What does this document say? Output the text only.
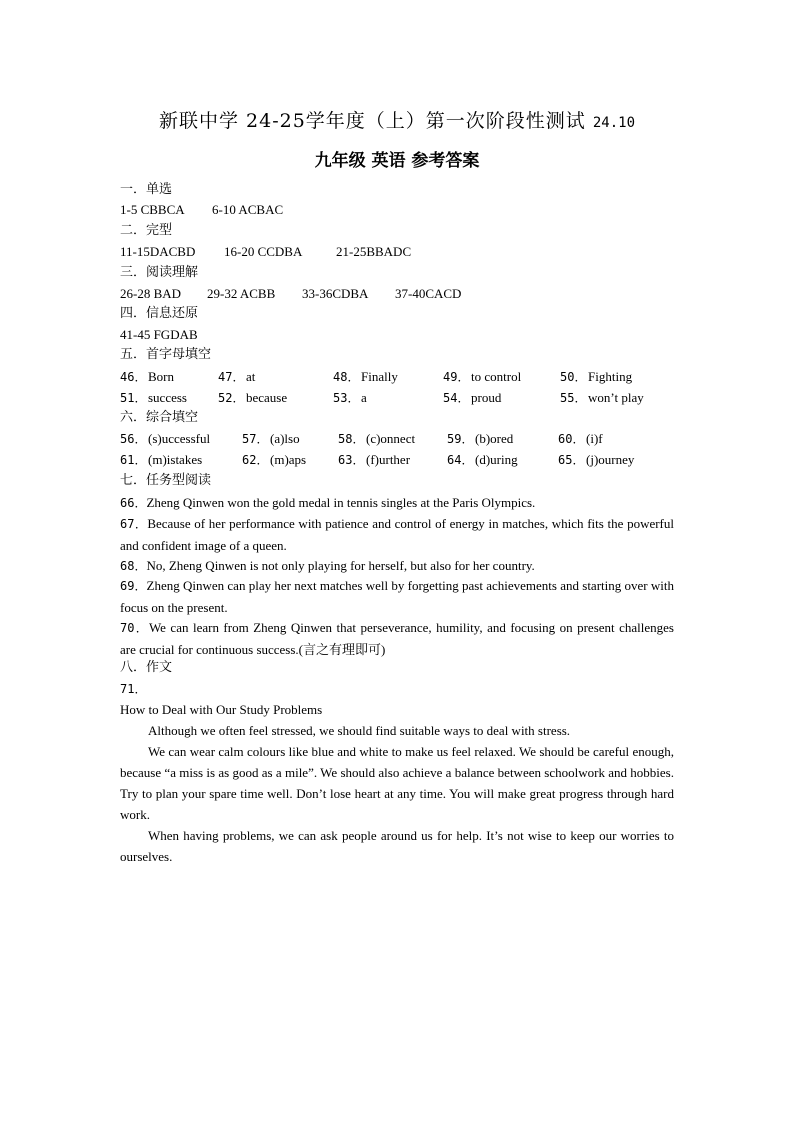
新联中学 24-25学年度（上）第一次阶段性测试 24.10
九年级 英语 参考答案
一．单选
1-5 CBBCA 6-10 ACBAC
二．完型
11-15DACBD 16-20 CCDBA	21-25BBADC
三．阅读理解
26-28 BAD 29-32 ACBB 33-36CDBA 37-40CACD
四．信息还原
41-45 FGDAB
五．首字母填空
46． Born	47． at	48． Finally	49． to control	50． Fighting
51． success	52． because	53． a	54． proud	55． won’t play
六．综合填空
56． (s)uccessful	57． (a)lso	58． (c)onnect	59． (b)ored	60． (i)f
61． (m)istakes	62． (m)aps	63． (f)urther	64． (d)uring	65． (j)ourney
七．任务型阅读
66．Zheng Qinwen won the gold medal in tennis singles at the Paris Olympics.
67．Because of her performance with patience and control of energy in matches, which fits the powerful and confident image of a queen.
68．No, Zheng Qinwen is not only playing for herself, but also for her country.
69．Zheng Qinwen can play her next matches well by forgetting past achievements and starting over with focus on the present.
70．We can learn from Zheng Qinwen that perseverance, humility, and focusing on present challenges are crucial for continuous success.(言之有理即可)
八．作文
71．
How to Deal with Our Study Problems
Although we often feel stressed, we should find suitable ways to deal with stress.
We can wear calm colours like blue and white to make us feel relaxed. We should be careful enough, because “a miss is as good as a mile”. We should also achieve a balance between schoolwork and hobbies. Try to plan your spare time well. Don’t lose heart at any time. You will make great progress through hard work.
When having problems, we can ask people around us for help. It’s not wise to keep our worries to ourselves.
